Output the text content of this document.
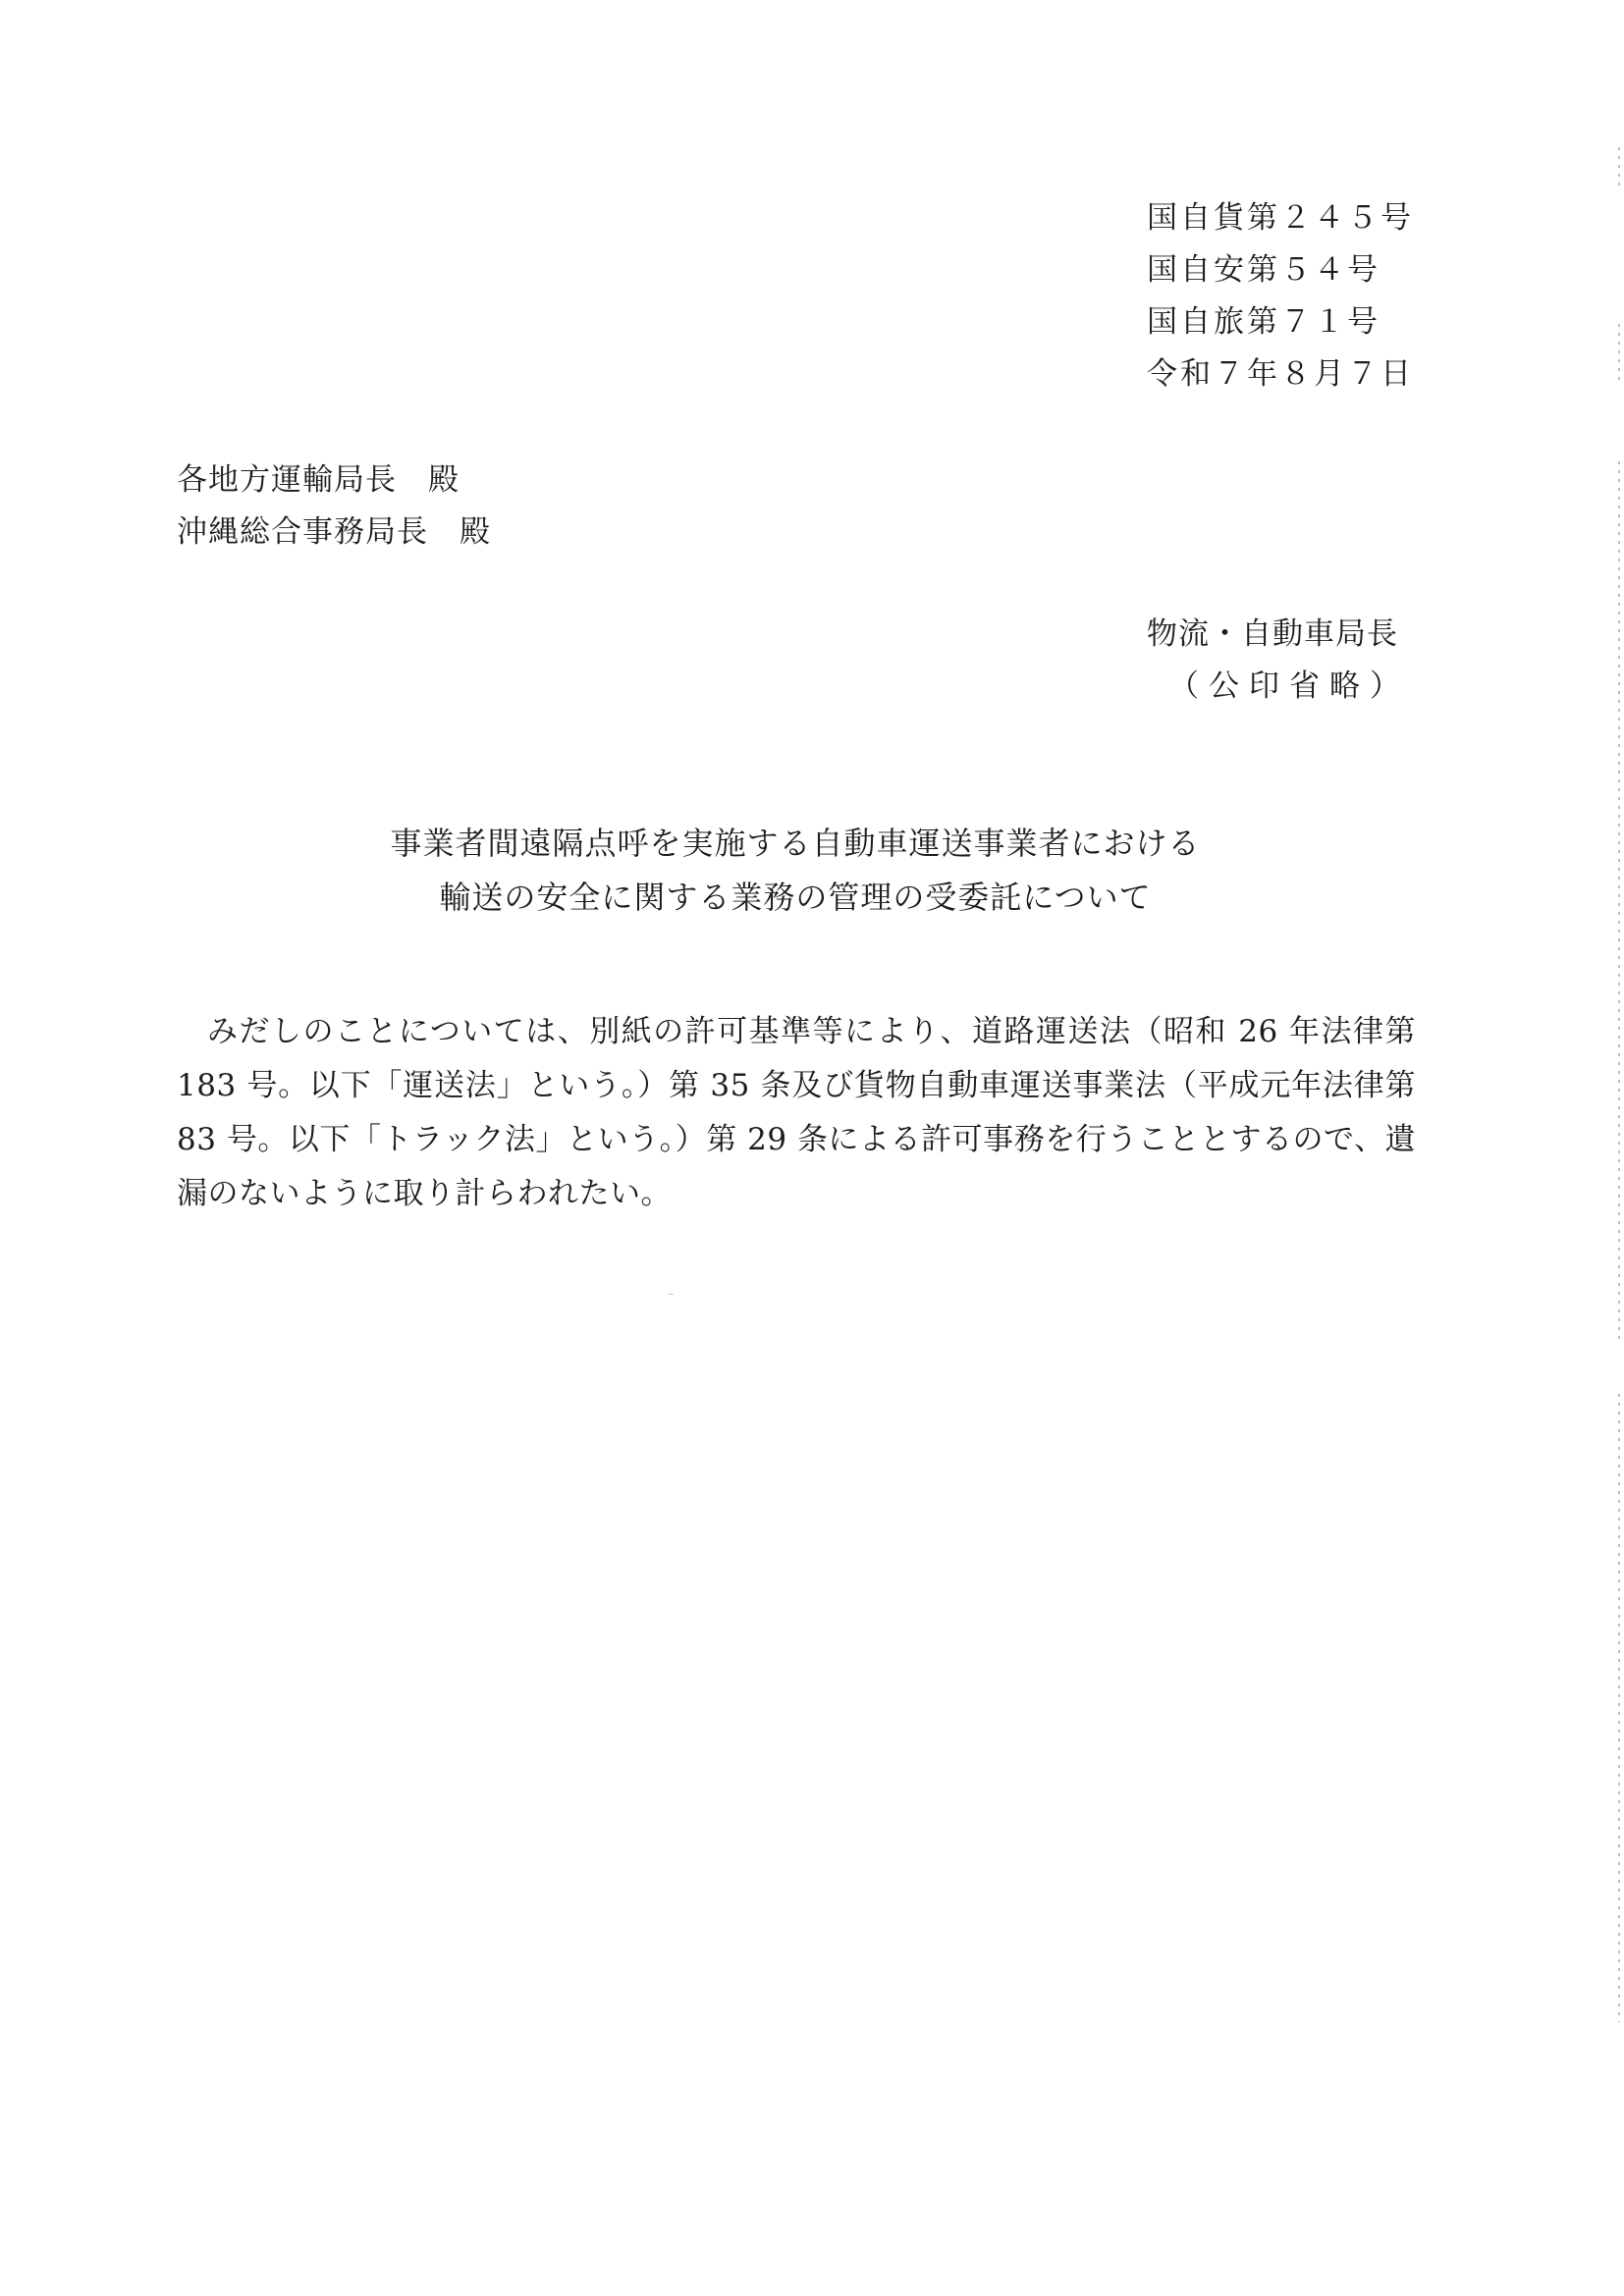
国自貨第２４５号
国自安第５４号
国自旅第７１号
令和７年８月７日
各地方運輸局長　殿
沖縄総合事務局長　殿
物流・自動車局長
（公印省略）
事業者間遠隔点呼を実施する自動車運送事業者における
輸送の安全に関する業務の管理の受委託について

みだしのことについては、別紙の許可基準等により、道路運送法（昭和 26 年法律第 183 号。以下「運送法」という。）第 35 条及び貨物自動車運送事業法（平成元年法律第 83 号。以下「トラック法」という。）第 29 条による許可事務を行うこととするので、遺漏のないように取り計らわれたい。
